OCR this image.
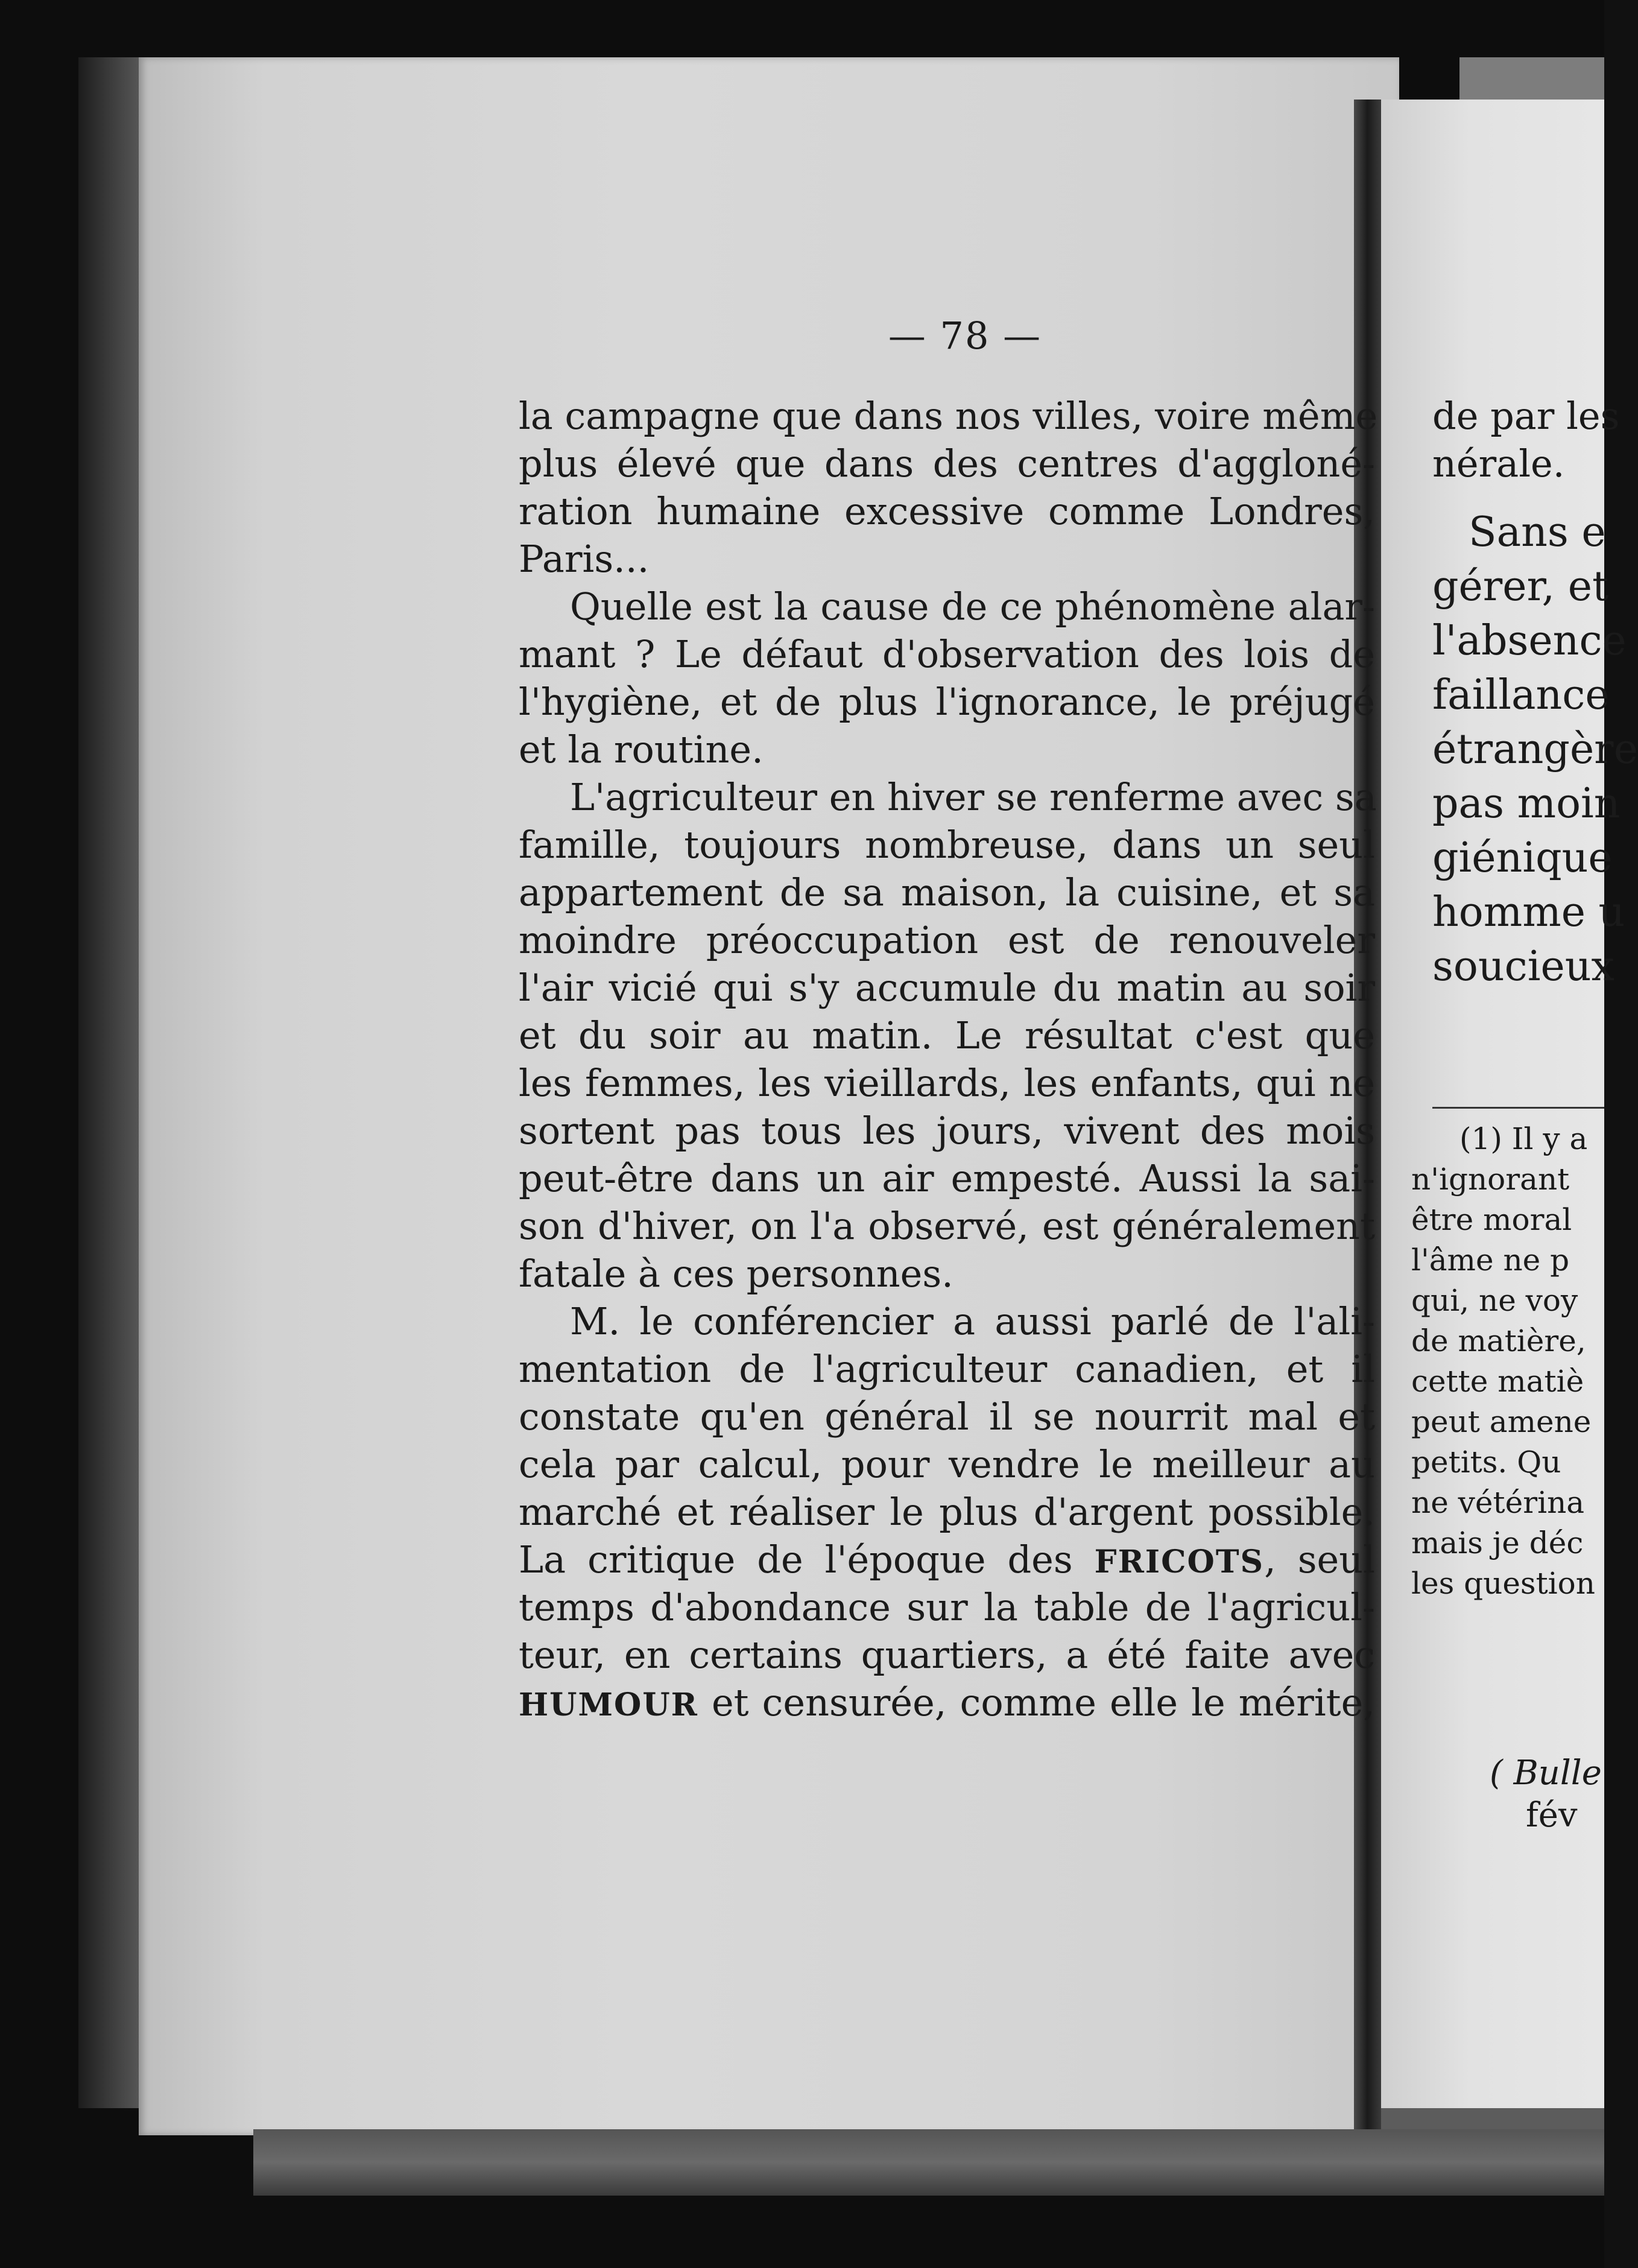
— 78 —
la campagne que dans nos villes, voire même
plus élevé que dans des centres d'aggloné-
ration humaine excessive comme Londres,
Paris...
Quelle est la cause de ce phénomène alar-
mant ? Le défaut d'observation des lois de
l'hygiène, et de plus l'ignorance, le préjugé
et la routine.
L'agriculteur en hiver se renferme avec sa
famille, toujours nombreuse, dans un seul
appartement de sa maison, la cuisine, et sa
moindre préoccupation est de renouveler
l'air vicié qui s'y accumule du matin au soir
et du soir au matin. Le résultat c'est que
les femmes, les vieillards, les enfants, qui ne
sortent pas tous les jours, vivent des mois
peut-être dans un air empesté. Aussi la sai-
son d'hiver, on l'a observé, est généralement
fatale à ces personnes.
M. le conférencier a aussi parlé de l'ali-
mentation de l'agriculteur canadien, et il
constate qu'en général il se nourrit mal et
cela par calcul, pour vendre le meilleur au
marché et réaliser le plus d'argent possible.
La critique de l'époque des FRICOTS, seul
temps d'abondance sur la table de l'agricul-
teur, en certains quartiers, a été faite avec
HUMOUR et censurée, comme elle le mérite,
de par les
nérale.
Sans e
gérer, et
l'absence
faillance
étrangère
pas moin
giénique
homme u
soucieux
(1) Il y a
n'ignorant
être moral
l'âme ne p
qui, ne voy
de matière,
cette matiè
peut amene
petits. Qu
ne vétérina
mais je déc
les question
( Bulle
fév
